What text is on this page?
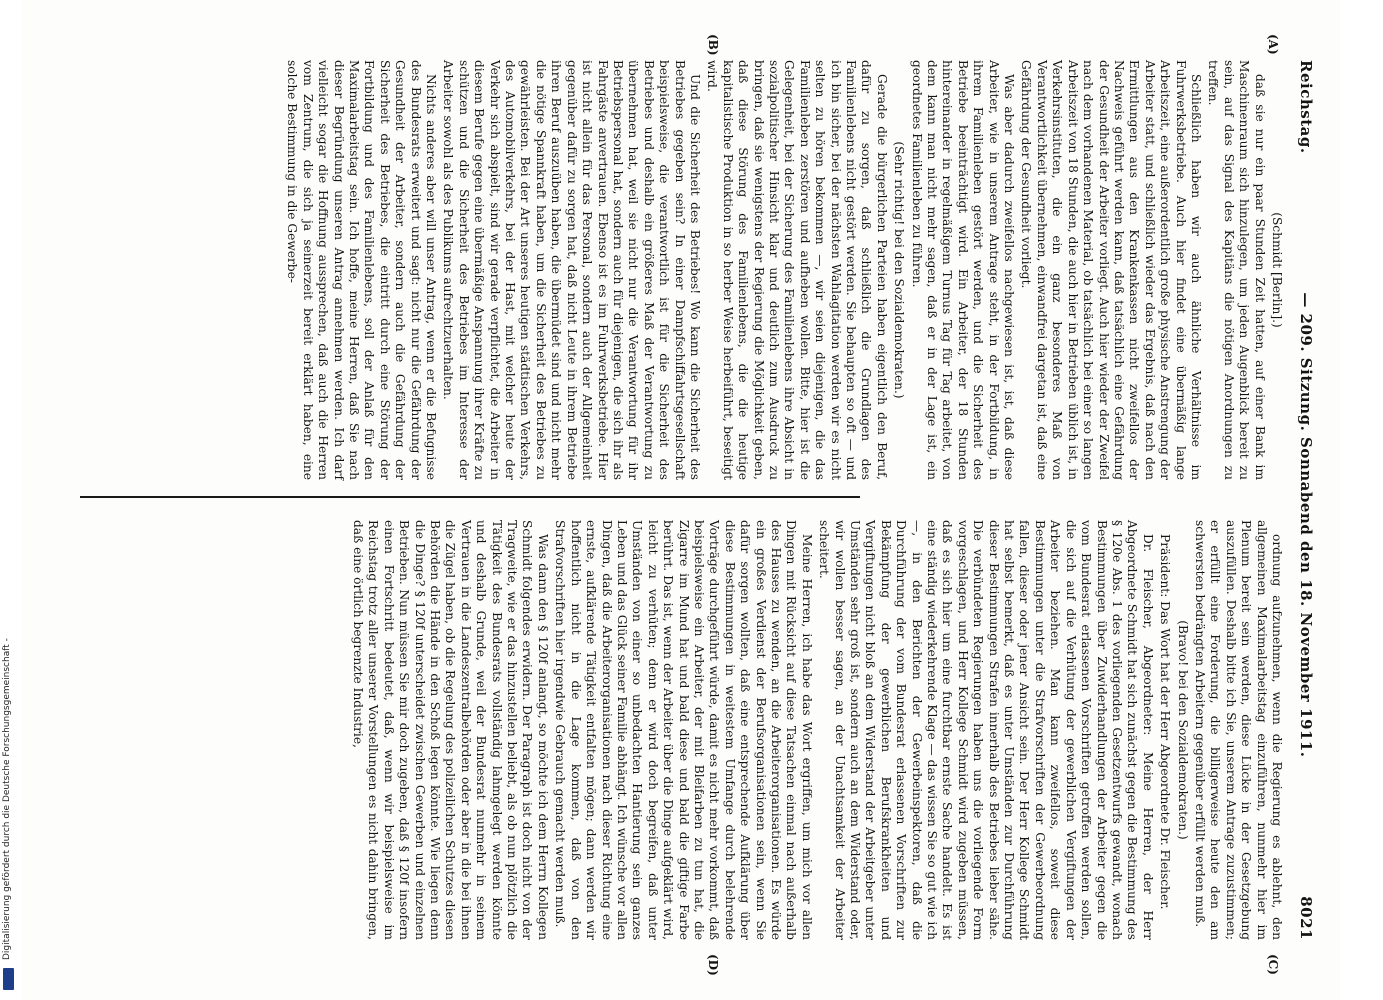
Reichstag.
— 209. Sitzung. Sonnabend den 18. November 1911.
8021
(A)
(B)
(C)
(D)

(Schmidt [Berlin].)

daß sie nur ein paar Stunden Zeit hatten, auf einer Bank im Maschinenraum sich hinzulegen, um jeden Augenblick bereit zu sein, auf das Signal des Kapitäns die nötigen Anordnungen zu treffen.

Schließlich haben wir auch ähnliche Verhältnisse im Fuhrwerksbetriebe. Auch hier findet eine übermäßig lange Arbeitszeit, eine außerordentlich große physische Anstrengung der Arbeiter statt, und schließlich wieder das Ergebnis, daß nach den Ermittlungen aus den Krankenkassen nicht zweifellos der Nachweis geführt werden kann, daß tatsächlich eine Gefährdung der Gesundheit der Arbeiter vorliegt. Auch hier wieder der Zweifel nach dem vorhandenen Material, ob tatsächlich bei einer so langen Arbeitszeit von 18 Stunden, die auch hier in Betrieben üblich ist, in Verkehrsinstituten, die ein ganz besonderes Maß von Verantwortlichkeit übernehmen, einwandfrei dargetan ist, daß eine Gefährdung der Gesundheit vorliegt.

Was aber dadurch zweifellos nachgewiesen ist, ist, daß diese Arbeiter, wie in unserem Antrage steht, in der Fortbildung, in ihrem Familienleben gestört werden, und die Sicherheit des Betriebe beeinträchtigt wird. Ein Arbeiter, der 18 Stunden hintereinander in regelmäßigem Turnus Tag für Tag arbeitet, von dem kann man nicht mehr sagen, daß er in der Lage ist, ein geordnetes Familienleben zu führen.

(Sehr richtig! bei den Sozialdemokraten.)

Gerade die bürgerlichen Parteien haben eigentlich den Beruf, dafür zu sorgen, daß schließlich die Grundlagen des Familienlebens nicht gestört werden. Sie behaupten so oft — und ich bin sicher, bei der nächsten Wahlagitation werden wir es nicht selten zu hören bekommen —, wir seien diejenigen, die das Familienleben zerstören und aufheben wollen. Bitte, hier ist die Gelegenheit, bei der Sicherung des Familienlebens ihre Absicht in sozialpolitischer Hinsicht klar und deutlich zum Ausdruck zu bringen, daß sie wenigstens der Regierung die Möglichkeit geben, daß diese Störung des Familienlebens, die die heutige kapitalistische Produktion in so herber Weise herbeiführt, beseitigt wird.

Und die Sicherheit des Betriebes! Wo kann die Sicherheit des Betriebes gegeben sein? In einer Dampfschiffahrtsgesellschaft beispielsweise, die verantwortlich ist für die Sicherheit des Betriebes und deshalb ein größeres Maß der Verantwortung zu übernehmen hat, weil sie nicht nur die Verantwortung für ihr Betriebspersonal hat, sondern auch für diejenigen, die sich ihr als Fahrgäste anvertrauen. Ebenso ist es im Fuhrwerksbetriebe. Hier ist nicht allein für das Personal, sondern auch der Allgemeinheit gegenüber dafür zu sorgen hat, daß nicht Leute in ihrem Betriebe ihren Beruf auszuüben haben, die übermüdet sind und nicht mehr die nötige Spannkraft haben, um die Sicherheit des Betriebes zu gewährleisten. Bei der Art unseres heutigen städtischen Verkehrs, des Automobilverkehrs, bei der Hast, mit welcher heute der Verkehr sich abspielt, sind wir gerade verpflichtet, die Arbeiter in diesem Berufe gegen eine übermäßige Anspannung ihrer Kräfte zu schützen und die Sicherheit des Betriebes im Interesse der Arbeiter sowohl als des Publikums aufrechtzuerhalten.

Nichts anderes aber will unser Antrag, wenn er die Befugnisse des Bundesrats erweitert und sagt: nicht nur die Gefährdung der Gesundheit der Arbeiter, sondern auch die Gefährdung der Sicherheit des Betriebes, die eintritt durch eine Störung der Fortbildung und des Familienlebens, soll der Anlaß für den Maximalarbeitstag sein. Ich hoffe, meine Herren, daß Sie nach dieser Begründung unseren Antrag annehmen werden. Ich darf vielleicht sogar die Hoffnung aussprechen, daß auch die Herren vom Zentrum, die sich ja seinerzeit bereit erklärt haben, eine solche Bestimmung in die Gewerbe-

ordnung aufzunehmen, wenn die Regierung es ablehnt, den allgemeinen Maximalarbeitstag einzuführen, nunmehr hier im Plenum bereit sein werden, diese Lücke in der Gesetzgebung auszufüllen. Deshalb bitte ich Sie, unserem Antrage zuzustimmen; er erfüllt eine Forderung, die billigerweise heute den am schwersten bedrängten Arbeitern gegenüber erfüllt werden muß.

(Bravo! bei den Sozialdemokraten.)

Präsident: Das Wort hat der Herr Abgeordnete Dr. Fleischer.

Dr. Fleischer, Abgeordneter: Meine Herren, der Herr Abgeordnete Schmidt hat sich zunächst gegen die Bestimmung des § 120e Abs. 1 des vorliegenden Gesetzentwurfs gewandt, wonach Bestimmungen über Zuwiderhandlungen der Arbeiter gegen die vom Bundesrat erlassenen Vorschriften getroffen werden sollen, die sich auf die Verhütung der gewerblichen Vergiftungen der Arbeiter beziehen. Man kann zweifellos, soweit diese Bestimmungen unter die Strafvorschriften der Gewerbeordnung fallen, dieser oder jener Ansicht sein. Der Herr Kollege Schmidt hat selbst bemerkt, daß es unter Umständen zur Durchführung dieser Bestimmungen Strafen innerhalb des Betriebes lieber sähe. Die verbündeten Regierungen haben uns die vorliegende Form vorgeschlagen, und Herr Kollege Schmidt wird zugeben müssen, daß es sich hier um eine furchtbar ernste Sache handelt. Es ist eine ständig wiederkehrende Klage — das wissen Sie so gut wie ich —, in den Berichten der Gewerbeinspektoren, daß die Durchführung der vom Bundesrat erlassenen Vorschriften zur Bekämpfung der gewerblichen Berufskrankheiten und Vergiftungen nicht bloß an dem Widerstand der Arbeitgeber unter Umständen sehr groß ist, sondern auch an dem Widerstand oder, wir wollen besser sagen, an der Unachtsamkeit der Arbeiter scheitert.

Meine Herren, ich habe das Wort ergriffen, um mich vor allen Dingen mit Rücksicht auf diese Tatsachen einmal nach außerhalb des Hauses zu wenden, an die Arbeiterorganisationen. Es würde ein großes Verdienst der Berufsorganisationen sein, wenn Sie dafür sorgen wollten, daß eine entsprechende Aufklärung über diese Bestimmungen in weitestem Umfange durch belehrende Vorträge durchgeführt würde, damit es nicht mehr vorkommt, daß beispielsweise ein Arbeiter, der mit Bleifarben zu tun hat, die Zigarre im Mund hat und bald diese und bald die giftige Farbe berührt. Das ist, wenn der Arbeiter über die Dinge aufgeklärt wird, leicht zu verhüten; denn er wird doch begreifen, daß unter Umständen von einer so unbedachten Hantierung sein ganzes Leben und das Glück seiner Familie abhängt. Ich wünsche vor allen Dingen, daß die Arbeiterorganisationen nach dieser Richtung eine ernste, aufklärende Tätigkeit entfalten mögen; dann werden wir hoffentlich nicht in die Lage kommen, daß von den Strafvorschriften hier irgendwie Gebrauch gemacht werden muß.

Was dann den § 120f anlangt, so möchte ich dem Herrn Kollegen Schmidt folgendes erwidern. Der Paragraph ist doch nicht von der Tragweite, wie er das hinzustellen beliebt, als ob nun plötzlich die Tätigkeit des Bundesrats vollständig lahmgelegt werden könnte und deshalb Grunde, weil der Bundesrat nunmehr in seinem Vertrauen in die Landeszentralbehörden oder aber in die bei ihnen die Zügel haben, ob die Regelung des polizeilichen Schutzes diesen Behörden die Hände in den Schoß legen könnte. Wie liegen denn die Dinge? § 120f unterscheidet zwischen Gewerben und einzelnen Betrieben. Nun müssen Sie mir doch zugeben, daß § 120f insofern einen Fortschritt bedeutet, daß, wenn wir beispielsweise im Reichstag trotz aller unserer Vorstellungen es nicht dahin bringen, daß eine örtlich begrenzte Industrie,

Digitalisierung gefördert durch die Deutsche Forschungsgemeinschaft -
